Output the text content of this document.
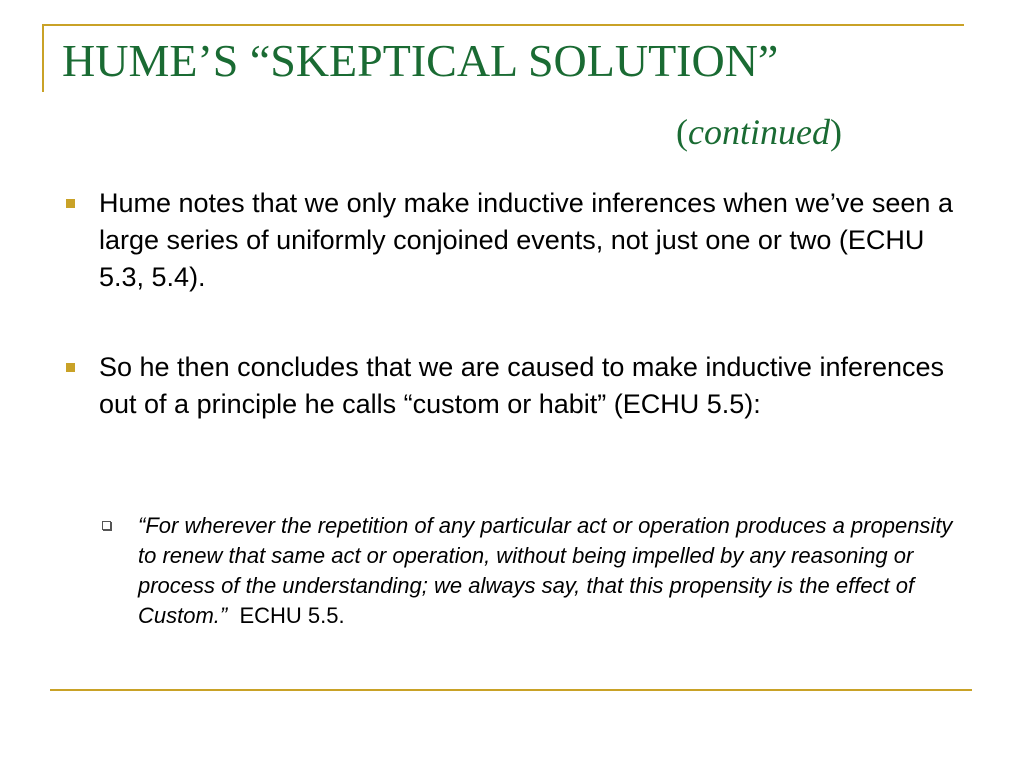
HUME’S “SKEPTICAL SOLUTION”
(continued)
Hume notes that we only make inductive inferences when we’ve seen a large series of uniformly conjoined events, not just one or two (ECHU 5.3, 5.4).
So he then concludes that we are caused to make inductive inferences out of a principle he calls “custom or habit” (ECHU 5.5):
“For wherever the repetition of any particular act or operation produces a propensity to renew that same act or operation, without being impelled by any reasoning or process of the understanding; we always say, that this propensity is the effect of Custom.” ECHU 5.5.
